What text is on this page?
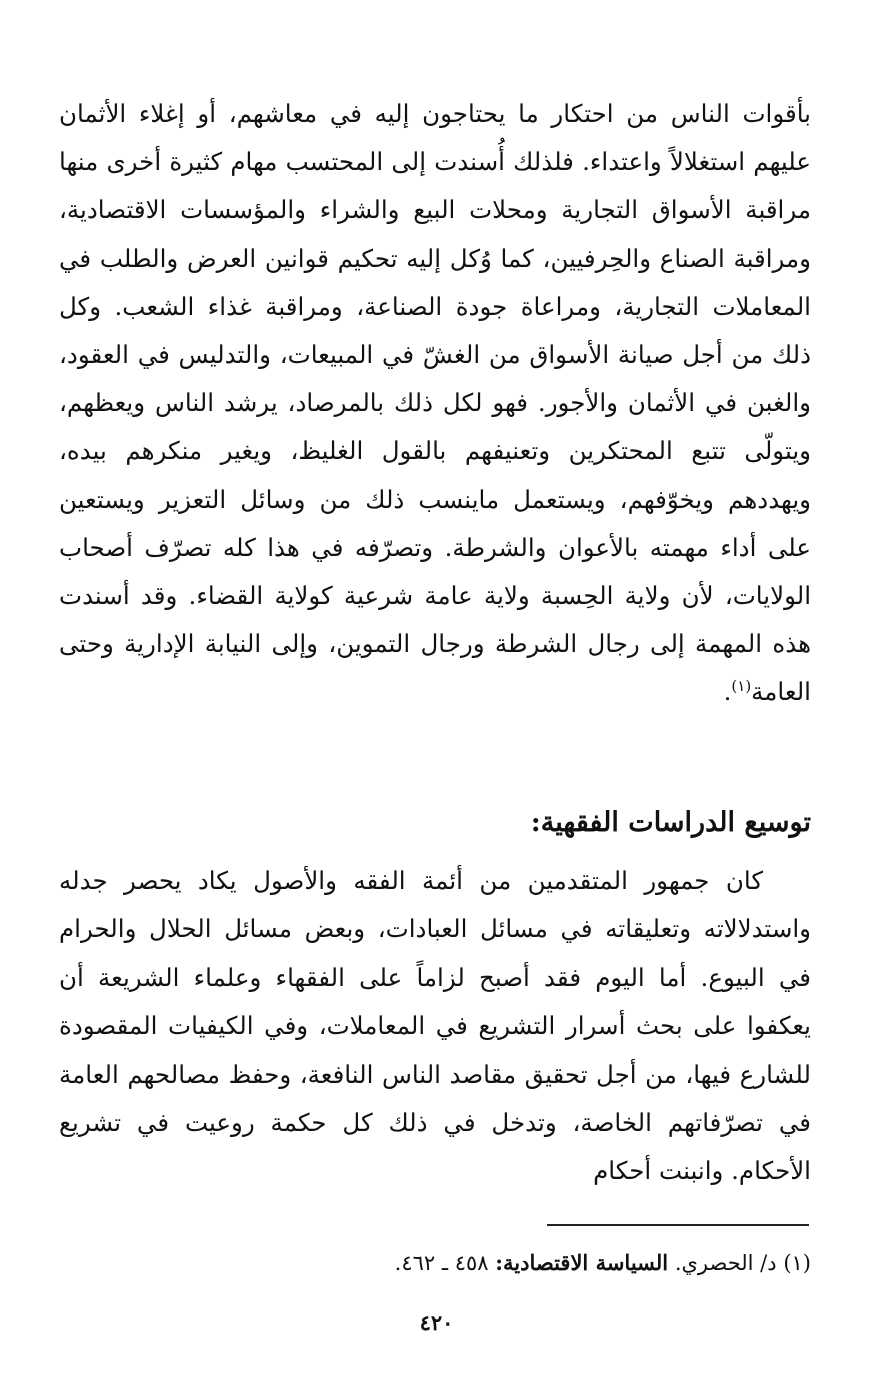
بأقوات الناس من احتكار ما يحتاجون إليه في معاشهم، أو إغلاء الأثمان عليهم استغلالاً واعتداء. فلذلك أُسندت إلى المحتسب مهام كثيرة أخرى منها مراقبة الأسواق التجارية ومحلات البيع والشراء والمؤسسات الاقتصادية، ومراقبة الصناع والحِرفيين، كما وُكل إليه تحكيم قوانين العرض والطلب في المعاملات التجارية، ومراعاة جودة الصناعة، ومراقبة غذاء الشعب. وكل ذلك من أجل صيانة الأسواق من الغشّ في المبيعات، والتدليس في العقود، والغبن في الأثمان والأجور. فهو لكل ذلك بالمرصاد، يرشد الناس ويعظهم، ويتولّى تتبع المحتكرين وتعنيفهم بالقول الغليظ، ويغير منكرهم بيده، ويهددهم ويخوّفهم، ويستعمل ماينسب ذلك من وسائل التعزير ويستعين على أداء مهمته بالأعوان والشرطة. وتصرّفه في هذا كله تصرّف أصحاب الولايات، لأن ولاية الحِسبة ولاية عامة شرعية كولاية القضاء. وقد أسندت هذه المهمة إلى رجال الشرطة ورجال التموين، وإلى النيابة الإدارية وحتى العامة$^{(١)}$.

توسيع الدراسات الفقهية:

كان جمهور المتقدمين من أئمة الفقه والأصول يكاد يحصر جدله واستدلالاته وتعليقاته في مسائل العبادات، وبعض مسائل الحلال والحرام في البيوع. أما اليوم فقد أصبح لزاماً على الفقهاء وعلماء الشريعة أن يعكفوا على بحث أسرار التشريع في المعاملات، وفي الكيفيات المقصودة للشارع فيها، من أجل تحقيق مقاصد الناس النافعة، وحفظ مصالحهم العامة في تصرّفاتهم الخاصة، وتدخل في ذلك كل حكمة روعيت في تشريع الأحكام. وانبنت أحكام

(١) د/ الحصري. السياسة الاقتصادية: ٤٥٨ ـ ٤٦٢.

٤٢٠
